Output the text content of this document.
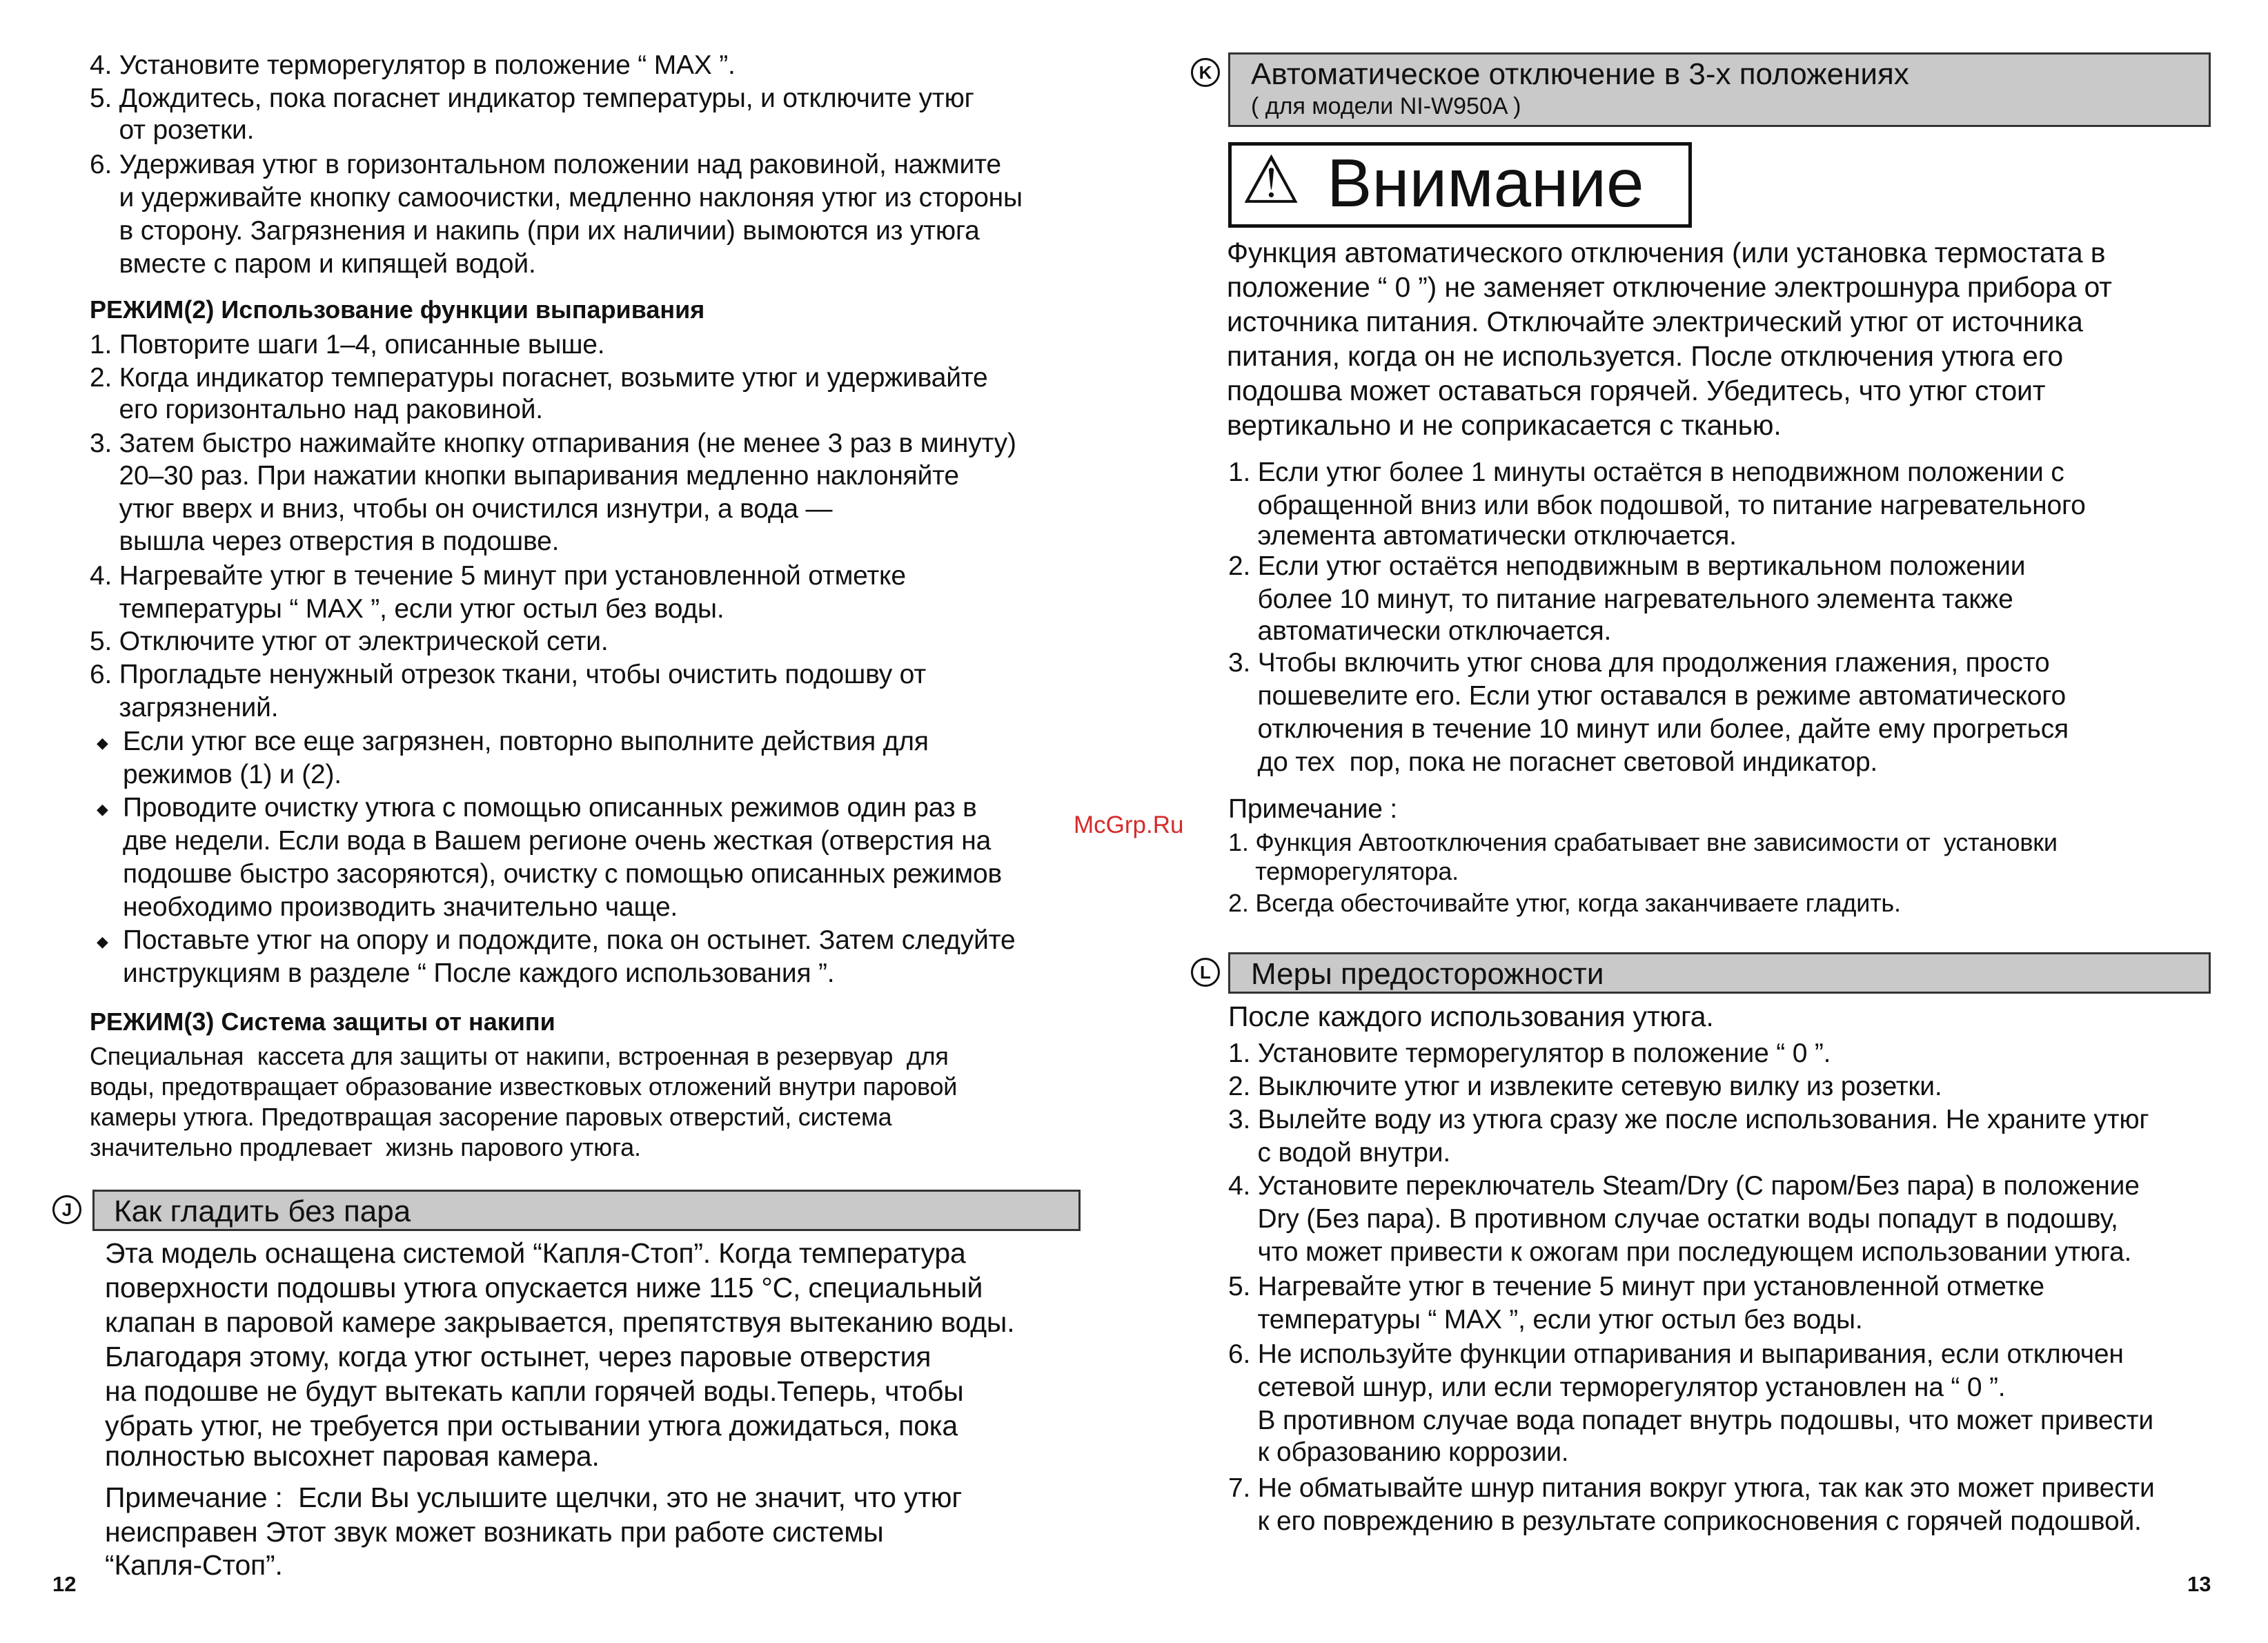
4. Установите терморегулятор в положение “ MAX ”.
5. Дождитесь, пока погаснет индикатор температуры, и отключите утюг
от розетки.
6. Удерживая утюг в горизонтальном положении над раковиной, нажмите
и удерживайте кнопку самоочистки, медленно наклоняя утюг из стороны
в сторону. Загрязнения и накипь (при их наличии) вымоются из утюга
вместе с паром и кипящей водой.
РЕЖИМ(2) Использование функции выпаривания
1. Повторите шаги 1–4, описанные выше.
2. Когда индикатор температуры погаснет, возьмите утюг и удерживайте
его горизонтально над раковиной.
3. Затем быстро нажимайте кнопку отпаривания (не менее 3 раз в минуту)
20–30 раз. При нажатии кнопки выпаривания медленно наклоняйте
утюг вверх и вниз, чтобы он очистился изнутри, а вода —
вышла через отверстия в подошве.
4. Нагревайте утюг в течение 5 минут при установленной отметке
температуры “ MAX ”, если утюг остыл без воды.
5. Отключите утюг от электрической сети.
6. Прогладьте ненужный отрезок ткани, чтобы очистить подошву от
загрязнений.
◆ Если утюг все еще загрязнен, повторно выполните действия для
режимов (1) и (2).
◆ Проводите очистку утюга с помощью описанных режимов один раз в
две недели. Если вода в Вашем регионе очень жесткая (отверстия на
подошве быстро засоряются), очистку с помощью описанных режимов
необходимо производить значительно чаще.
◆ Поставьте утюг на опору и подождите, пока он остынет. Затем следуйте
инструкциям в разделе “ После каждого использования ”.
РЕЖИМ(3) Система защиты от накипи
Специальная  кассета для защиты от накипи, встроенная в резервуар  для
воды, предотвращает образование известковых отложений внутри паровой
камеры утюга. Предотвращая засорение паровых отверстий, система
значительно продлевает  жизнь парового утюга.
J	Как гладить без пара
Эта модель оснащена системой “Капля-Стоп”. Когда температура
поверхности подошвы утюга опускается ниже 115 °C, специальный
клапан в паровой камере закрывается, препятствуя вытеканию воды.
Благодаря этому, когда утюг остынет, через паровые отверстия
на подошве не будут вытекать капли горячей воды.Теперь, чтобы
убрать утюг, не требуется при остывании утюга дожидаться, пока
полностью высохнет паровая камера.
Примечание :  Если Вы услышите щелчки, это не значит, что утюг
неисправен Этот звук может возникать при работе системы
“Капля-Стоп”.
12
McGrp.Ru
K Автоматическое отключение в 3-х положениях
( для модели NI-W950A )
⚠ Внимание
Функция автоматического отключения (или установка термостата в
положение “ 0 ”) не заменяет отключение электрошнура прибора от
источника питания. Отключайте электрический утюг от источника
питания, когда он не используется. После отключения утюга его
подошва может оставаться горячей. Убедитесь, что утюг стоит
вертикально и не соприкасается с тканью.
1. Если утюг более 1 минуты остаётся в неподвижном положении с
обращенной вниз или вбок подошвой, то питание нагревательного
элемента автоматически отключается.
2. Если утюг остаётся неподвижным в вертикальном положении
более 10 минут, то питание нагревательного элемента также
автоматически отключается.
3. Чтобы включить утюг снова для продолжения глажения, просто
пошевелите его. Если утюг оставался в режиме автоматического
отключения в течение 10 минут или более, дайте ему прогреться
до тех  пор, пока не погаснет световой индикатор.
Примечание :
1. Функция Автоотключения срабатывает вне зависимости от  установки
терморегулятора.
2. Всегда обесточивайте утюг, когда заканчиваете гладить.
L Меры предосторожности
После каждого использования утюга.
1. Установите терморегулятор в положение “ 0 ”.
2. Выключите утюг и извлеките сетевую вилку из розетки.
3. Вылейте воду из утюга сразу же после использования. Не храните утюг
с водой внутри.
4. Установите переключатель Steam/Dry (С паром/Без пара) в положение
Dry (Без пара). В противном случае остатки воды попадут в подошву,
что может привести к ожогам при последующем использовании утюга.
5. Нагревайте утюг в течение 5 минут при установленной отметке
температуры “ MAX ”, если утюг остыл без воды.
6. Не используйте функции отпаривания и выпаривания, если отключен
сетевой шнур, или если терморегулятор установлен на “ 0 ”.
В противном случае вода попадет внутрь подошвы, что может привести
к образованию коррозии.
7. Не обматывайте шнур питания вокруг утюга, так как это может привести
к его повреждению в результате соприкосновения с горячей подошвой.
13
